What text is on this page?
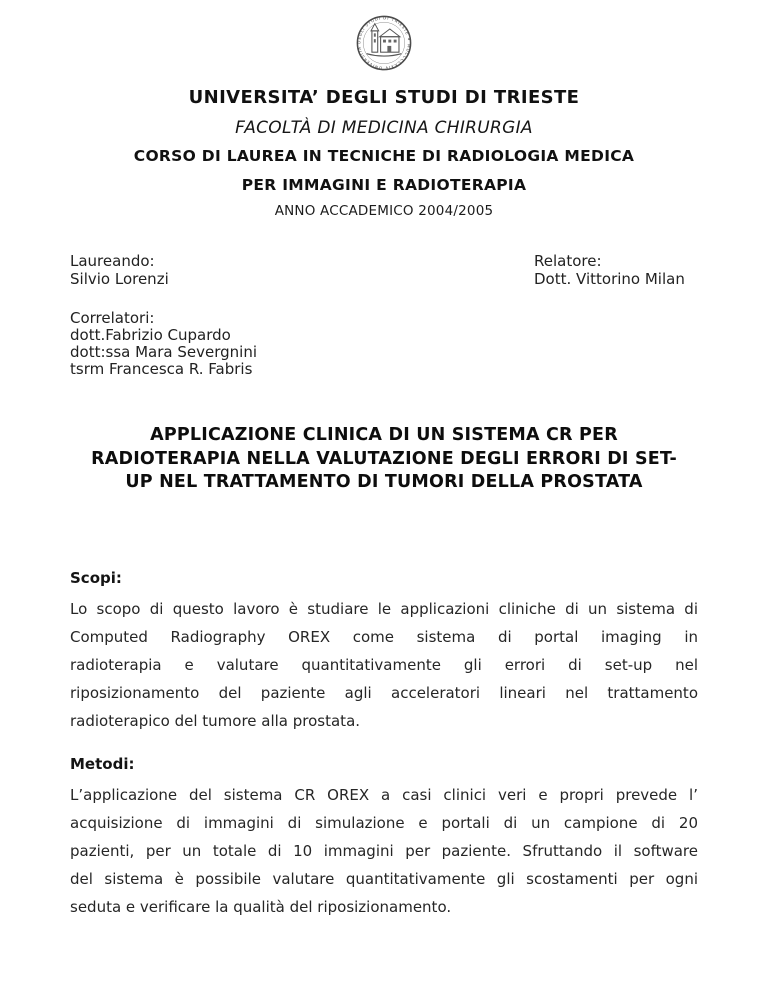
UNIVERSITÀ DEGLI STUDI DI TRIESTE ✦ MDCCCCXXIV
UNIVERSITA’ DEGLI STUDI DI TRIESTE
FACOLTÀ DI MEDICINA CHIRURGIA
CORSO DI LAUREA IN TECNICHE DI RADIOLOGIA MEDICA
PER IMMAGINI E RADIOTERAPIA
ANNO ACCADEMICO 2004/2005
Laureando:
Silvio Lorenzi
Relatore:
Dott. Vittorino Milan
Correlatori:
dott.Fabrizio Cupardo
dott:ssa Mara Severgnini
tsrm Francesca R. Fabris
APPLICAZIONE CLINICA DI UN SISTEMA CR PER
RADIOTERAPIA NELLA VALUTAZIONE DEGLI ERRORI DI SET-
UP NEL TRATTAMENTO DI TUMORI DELLA PROSTATA
Scopi:
Lo scopo di questo lavoro è studiare le applicazioni cliniche di un sistema di
Computed Radiography OREX come sistema di portal imaging in
radioterapia e valutare quantitativamente gli errori di set-up nel
riposizionamento del paziente agli acceleratori lineari nel trattamento
radioterapico del tumore alla prostata.
Metodi:
L’applicazione del sistema CR OREX a casi clinici veri e propri prevede l’
acquisizione di immagini di simulazione e portali di un campione di 20
pazienti, per un totale di 10 immagini per paziente. Sfruttando il software
del sistema è possibile valutare quantitativamente gli scostamenti per ogni
seduta e verificare la qualità del riposizionamento.
